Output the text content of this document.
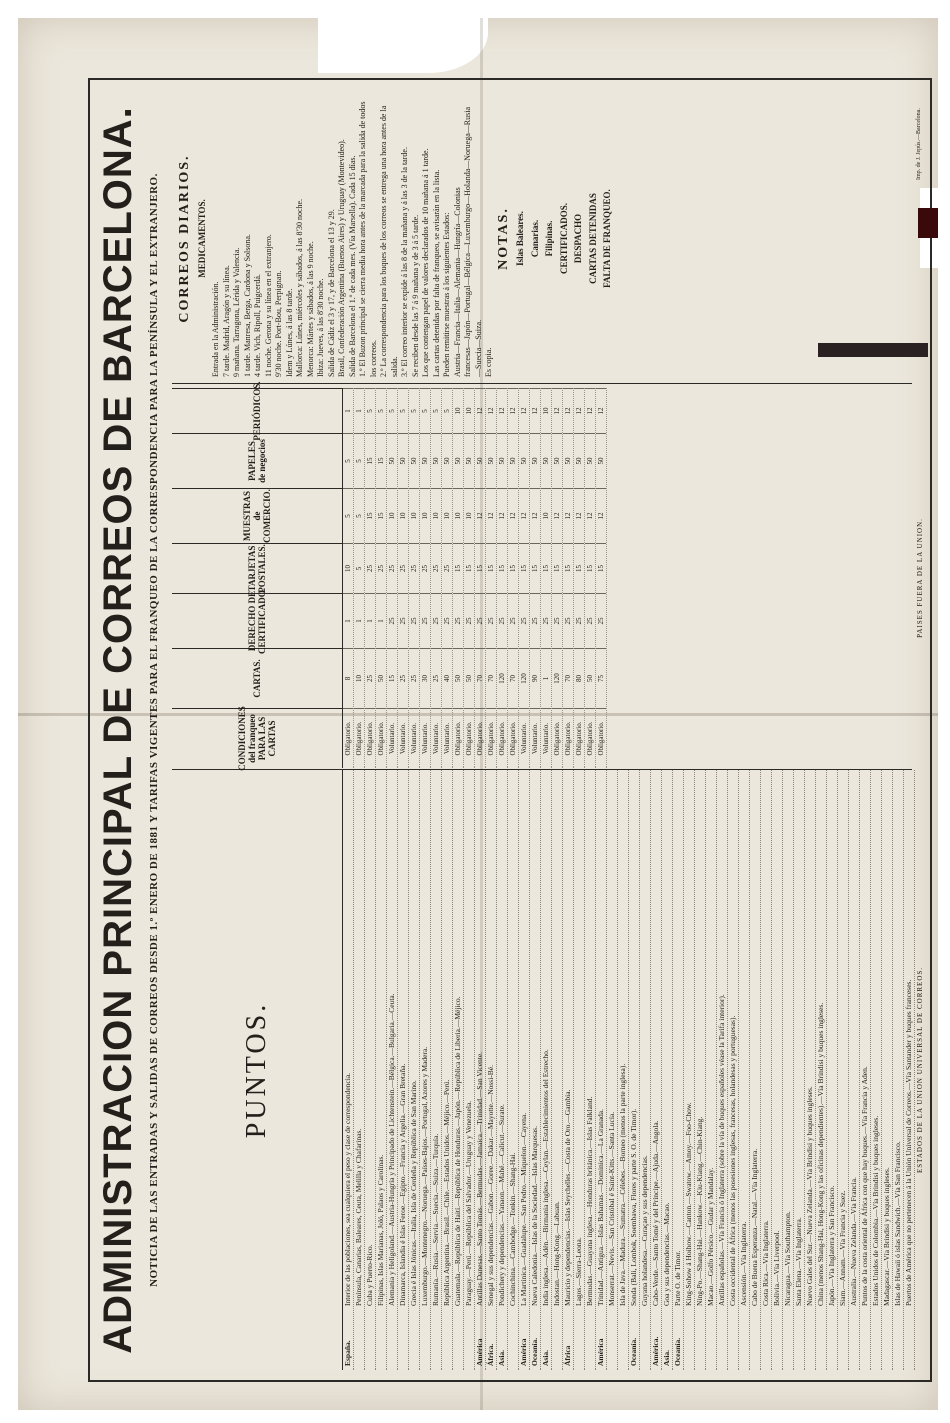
ADMINISTRACION PRINCIPAL DE CORREOS DE BARCELONA. NOTICIA DE LAS ENTRADAS Y SALIDAS DE CORREOS DESDE 1.º ENERO DE 1881 Y TARIFAS VIGENTES PARA EL FRANQUEO DE LA CORRESPONDENCIA PARA LA PENÍNSULA Y EL EXTRANJERO.	PUNTOS.
España.Interior de las poblaciones, sea cualquiera el peso y clase de correspondencia. Península, Canarias, Baleares, Ceuta, Melilla y Chafarinas. Cuba y Puerto-Rico. Filipinas, Islas Marianas, Joló, Palaos y Carolinas. Alemania y Heligoland.—Austria-Hungría y Principado de Lichtenstein.—Bélgica.—Bulgaria.—Ceuta. Dinamarca, Islandia é Islas Feroe.—Egipto.—Francia y Argelia.—Gran Bretaña. Grecia é Islas Jónicas.—Italia, Isla de Cerdeña y República de San Marino. Luxemburgo.—Montenegro.—Noruega.—Países-Bajos.—Portugal, Azores y Madera. Rumanía.—Rusia.—Servia.—Suecia.—Suiza.—Turquía. República Argentina.—Brasil.—Chile.—Estados Unidos.—Méjico.—Perú. Guatemala.—República de Haití.—República de Honduras.—Japón.—República de Liberia.—Méjico. Paraguay.—Perú.—República del Salvador.—Uruguay y Venezuela.
AméricaAntillas Danesas.—Santo Tomás.—Bermudas.—Jamaica.—Trinidad.—San Vicente.
África.Senegal y sus dependencias.—Gabon.—Goree.—Dakar.—Mayotte.—Nossi-Bé.
Asia.Pondichery y dependencias.—Yanaon.—Mahé.—Calicut.—Surate. Cochinchina.—Cambodge.—Tonkin.—Shang-Hai.
AméricaLa Martinica.—Guadalupe.—San Pedro.—Miquelon.—Cayena.
Oceanía.Nueva Caledonia.—Islas de la Sociedad.—Islas Marquesas.
Asia.India inglesa.—Adén.—Birmania inglesa.—Ceylan.—Establecimientos del Estrecho. Indostan.—Hong-Kong.—Labuan.
ÁfricaMauricio y dependencias.—Islas Seychelles.—Costa de Oro.—Gambia. Lagos.—Sierra-Leona. Bermudas.—Guayana inglesa.—Honduras británica.—Islas Falkland.
AméricaTrinidad.—Antigua.—Islas Bahamas.—Dominica.—La Granada. Monserrat.—Nevis.—San Cristóbal é Saint-Kitts.—Santa Lucía. Isla de Java.—Madura.—Sumatra.—Célebes.—Borneo (menos la parte inglesa).
Oceanía.Sonda (Bali, Lombok, Soembawa, Flores y parte S. O. de Timor). Guyana holandesa.—Curaçao y sus dependencias.
América.Cabo-Verde.—Santo Tomé y del Príncipe.—Ajuda.—Angola.
Asia.Goa y sus dependencias.—Macao.
Oceanía.Parte O. de Timor. King-Sohow á Hoihow.—Canton.—Swatow.—Amoy.—Foo-Chow. Ning-Po.—Shang-Hai.—Hankow.—Kiu-Kiang.—Chin-Kiang. Macao.—Golfo Pérsico.—Gudar y Mandalay. Antillas españolas.—Vía Francia ó Inglaterra (sobre la vía de buques españoles véase la Tarifa interior). Costa occidental de África (menos las posesiones inglesas, francesas, holandesas y portuguesas). Ascensión.—Vía Inglaterra. Cabo de Buena Esperanza.—Natal.—Vía Inglaterra. Costa Rica.—Vía Inglaterra. Bolivia.—Vía Liverpool. Nicaragua.—Vía Southampton. Santa Elena.—Vía Inglaterra. Nuevo Gales del Sur.—Nueva Zelanda.—Vía Brindisi y buques ingleses. China (menos Shang-Hai, Hong-Kong y las oficinas dependientes).—Vía Brindisi y buques ingleses. Japón.—Vía Inglaterra y San Francisco. Siam.—Annam.—Vía Francia y Suez. Australia.—Nueva Zelanda.—Vía Francia. Puntos de la costa oriental de África con que hay buques.—Vía Francia y Aden. Estados Unidos de Colombia.—Vía Brindisi y buques ingleses. Madagascar.—Vía Brindisi y buques ingleses. Islas de Hawaii ó islas Sandwich.—Vía San Francisco. Puertos de América que no pertenecen á la Unión Universal de Correos.—Vía Santander y buques franceses.
CONDICIONES del franqueo PARA LAS CARTAS
CARTAS.
DERECHO DE CERTIFICADO.
TARJETAS POSTALES.
MUESTRAS de COMERCIO.
PAPELES de negocios
PERIÓDICOS.
Obligatorio.
8
1
10
5
5
1
Obligatorio.
10
1
5
5
5
1
Obligatorio.
25
1
25
15
15
5
Obligatorio.
50
1
25
15
15
5
Voluntario.
15
25
25
10
50
5
Voluntario.
25
25
25
10
50
5
Voluntario.
25
25
25
10
50
5
Voluntario.
30
25
25
10
50
5
Voluntario.
25
25
25
10
50
5
Voluntario.
40
25
25
10
50
5
Obligatorio.
50
25
15
10
50
10
Obligatorio.
50
25
15
10
50
10
Obligatorio.
70
25
15
12
50
12
Obligatorio.
70
25
15
12
50
12
Obligatorio.
120
25
15
12
50
12
Obligatorio.
70
25
15
12
50
12
Voluntario.
120
25
15
12
50
12
Voluntario.
90
25
15
12
50
12
Voluntario.
1
25
15
10
50
10
Obligatorio.
120
25
15
12
50
12
Obligatorio.
70
25
15
12
50
12
Obligatorio.
80
25
15
12
50
12
Obligatorio.
50
25
15
12
50
12
Obligatorio.
75
25
15
12
50
12
CORREOS DIARIOS. MEDICAMENTOS.
Entrada en la Administración. 7 tarde. Madrid, Aragón y su línea. 9 mañana. Tarragona, Lérida y Valencia. 1 tarde. Manresa, Berga, Cardona y Solsona. 4 tarde. Vich, Ripoll, Puigcerdá. 11 noche. Gerona y su línea en el extranjero. 9'30 noche. Port-Bou, Perpignan. Idem y Lúnes, á las 8 tarde. Mallorca: Lúnes, miércoles y sábados, á las 8'30 noche. Menorca: Mártes y sábados, á las 9 noche. Ibiza: Jueves, á las 8'30 noche. Salida de Cádiz el 3 y 17, y de Barcelona el 13 y 29. Brasil, Confederación Argentina (Buenos Aires) y Uruguay (Montevideo). Salida de Barcelona el 1.º de cada mes. (Vía Marsella). Cada 15 días. 1.º El Buzon principal se cierra media hora antes de la marcada para la salida de todos los correos. 2.º La correspondencia para los buques de los correos se entrega una hora antes de la salida. 3.º El correo interior se expide á las 8 de la mañana y á las 3 de la tarde. Se reciben desde las 7 á 9 mañana y de 3 á 5 tarde. Los que contengan papel de valores declarados de 10 mañana á 1 tarde. Las cartas detenidas por falta de franqueo, se avisarán en la lista. Pueden remitirse muestras á los siguientes Estados: Austria—Francia—Italia—Alemania—Hungría—Colonias francesas—Japón—Portugal—Bélgica—Luxemburgo—Holanda—Noruega—Rusia—Suecia—Suiza. Es copia.
NOTAS. Islas Baleares. Canarias. Filipinas. CERTIFICADOS. DESPACHO CARTAS DETENIDAS FALTA DE FRANQUEO.
ESTADOS DE LA UNION UNIVERSAL DE CORREOS.
PAISES FUERA DE LA UNION.
Imp. de J. Jepús.—Barcelona.
